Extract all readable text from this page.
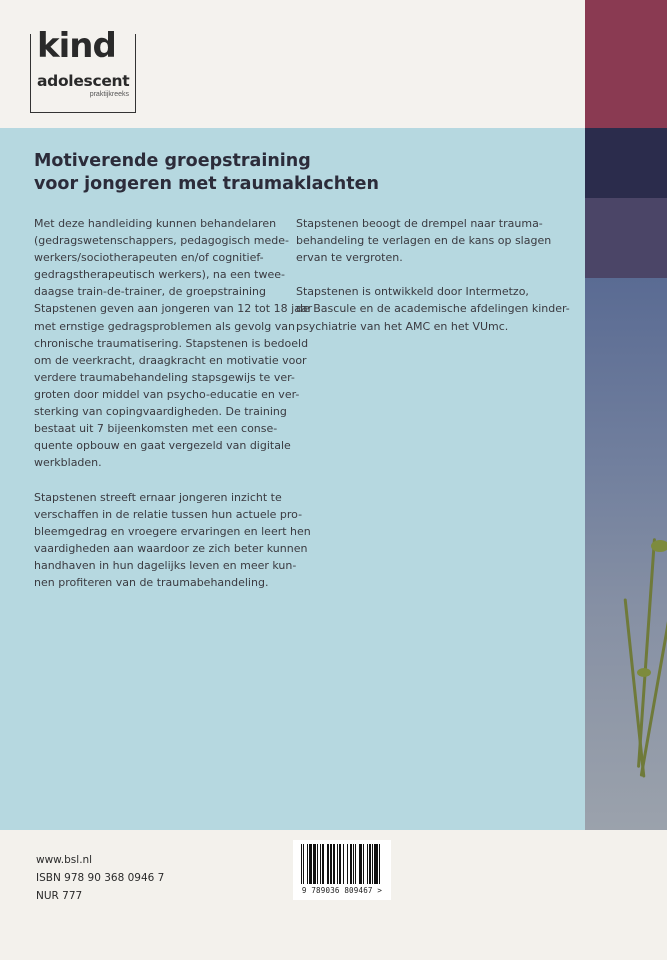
kind
adolescent
praktijkreeks
Motiverende groepstraining
voor jongeren met traumaklachten
Met deze handleiding kunnen behandelaren
(gedragswetenschappers, pedagogisch mede-
werkers/sociotherapeuten en/of cognitief-
gedragstherapeutisch werkers), na een twee-
daagse train-de-trainer, de groepstraining
Stapstenen geven aan jongeren van 12 tot 18 jaar
met ernstige gedragsproblemen als gevolg van
chronische traumatisering. Stapstenen is bedoeld
om de veerkracht, draagkracht en motivatie voor
verdere traumabehandeling stapsgewijs te ver-
groten door middel van psycho-educatie en ver-
sterking van copingvaardigheden. De training
bestaat uit 7 bijeenkomsten met een conse-
quente opbouw en gaat vergezeld van digitale
werkbladen.
Stapstenen streeft ernaar jongeren inzicht te
verschaffen in de relatie tussen hun actuele pro-
bleemgedrag en vroegere ervaringen en leert hen
vaardigheden aan waardoor ze zich beter kunnen
handhaven in hun dagelijks leven en meer kun-
nen profiteren van de traumabehandeling.
Stapstenen beoogt de drempel naar trauma-
behandeling te verlagen en de kans op slagen
ervan te vergroten.
Stapstenen is ontwikkeld door Intermetzo,
de Bascule en de academische afdelingen kinder-
psychiatrie van het AMC en het VUmc.
www.bsl.nl
ISBN 978 90 368 0946 7
NUR 777	9 789036 809467 >
